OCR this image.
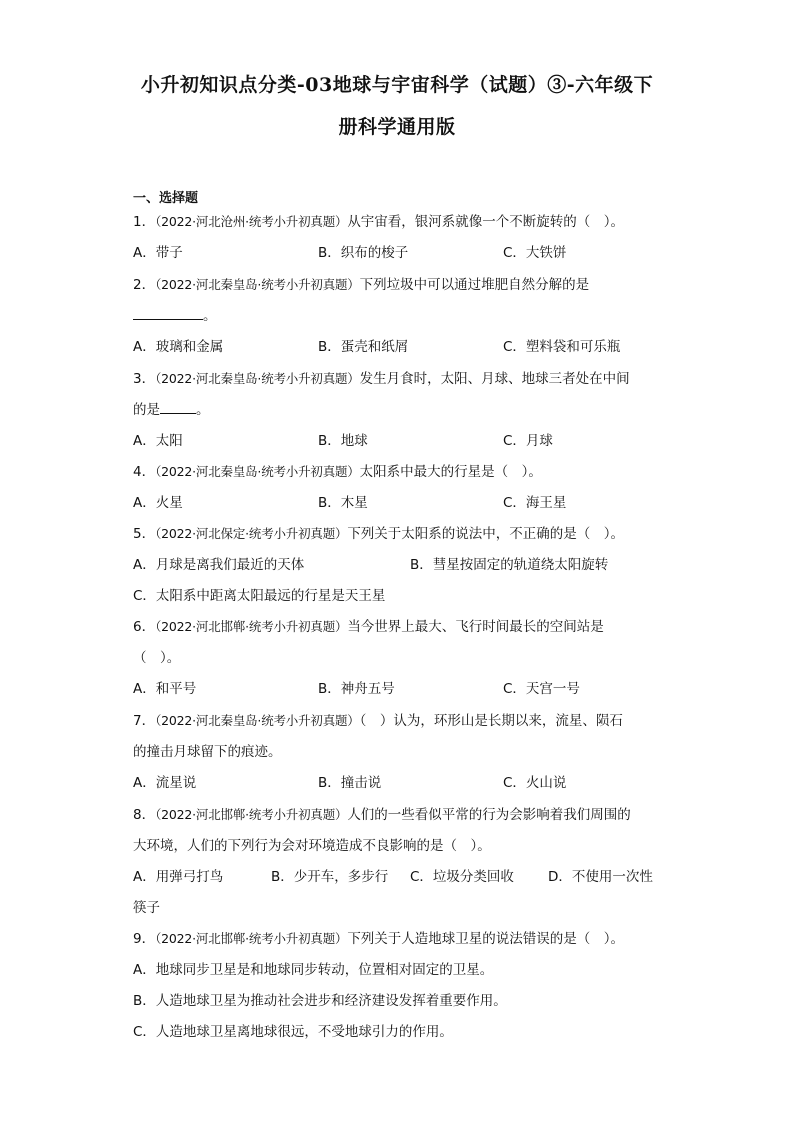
小升初知识点分类-03地球与宇宙科学（试题）③-六年级下
册科学通用版
一、选择题
1．（2022·河北沧州·统考小升初真题）从宇宙看，银河系就像一个不断旋转的（　）。
A．带子	B．织布的梭子	C．大铁饼
2．（2022·河北秦皇岛·统考小升初真题）下列垃圾中可以通过堆肥自然分解的是
。
A．玻璃和金属	B．蛋壳和纸屑	C．塑料袋和可乐瓶
3．（2022·河北秦皇岛·统考小升初真题）发生月食时，太阳、月球、地球三者处在中间
的是	。
A．太阳	B．地球	C．月球
4．（2022·河北秦皇岛·统考小升初真题）太阳系中最大的行星是（　）。
A．火星	B．木星	C．海王星
5．（2022·河北保定·统考小升初真题）下列关于太阳系的说法中，不正确的是（　）。
A．月球是离我们最近的天体	B．彗星按固定的轨道绕太阳旋转
C．太阳系中距离太阳最远的行星是天王星
6．（2022·河北邯郸·统考小升初真题）当今世界上最大、飞行时间最长的空间站是
（　）。
A．和平号	B．神舟五号	C．天宫一号
7．（2022·河北秦皇岛·统考小升初真题）（　）认为，环形山是长期以来，流星、陨石
的撞击月球留下的痕迹。
A．流星说	B．撞击说	C．火山说
8．（2022·河北邯郸·统考小升初真题）人们的一些看似平常的行为会影响着我们周围的
大环境，人们的下列行为会对环境造成不良影响的是（　）。
A．用弹弓打鸟	B．少开车，多步行 C．垃圾分类回收	D．不使用一次性
筷子
9．（2022·河北邯郸·统考小升初真题）下列关于人造地球卫星的说法错误的是（　）。
A．地球同步卫星是和地球同步转动，位置相对固定的卫星。
B．人造地球卫星为推动社会进步和经济建设发挥着重要作用。
C．人造地球卫星离地球很远，不受地球引力的作用。
